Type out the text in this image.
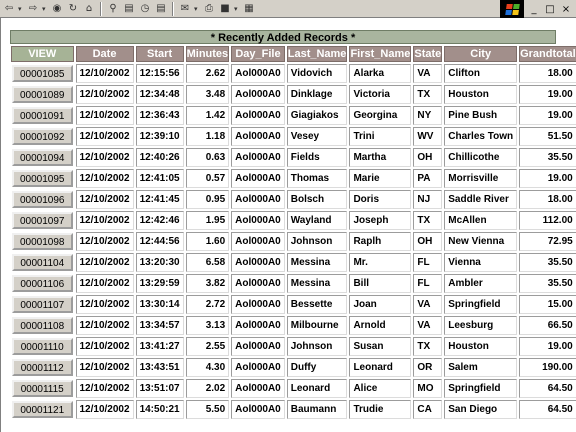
⇦ ▾ ⇨ ▾ ◉ ↻ ⌂	⚲ ▤ ◷ ▤ ✉ ▾ ⎙ ■ ▾ ▦	_ □ ×
* Recently Added Records *
VIEW	Date	Start	Minutes	Day_File	Last_Name	First_Name	State	City	Grandtotal

00001085	12/10/2002	12:15:56	2.62	Aol000A0	Vidovich	Alarka	VA	Clifton	18.00

00001089	12/10/2002	12:34:48	3.48	Aol000A0	Dinklage	Victoria	TX	Houston	19.00

00001091	12/10/2002	12:36:43	1.42	Aol000A0	Giagiakos	Georgina	NY	Pine Bush	19.00

00001092	12/10/2002	12:39:10	1.18	Aol000A0	Vesey	Trini	WV	Charles Town	51.50

00001094	12/10/2002	12:40:26	0.63	Aol000A0	Fields	Martha	OH	Chillicothe	35.50

00001095	12/10/2002	12:41:05	0.57	Aol000A0	Thomas	Marie	PA	Morrisville	19.00

00001096	12/10/2002	12:41:45	0.95	Aol000A0	Bolsch	Doris	NJ	Saddle River	18.00

00001097	12/10/2002	12:42:46	1.95	Aol000A0	Wayland	Joseph	TX	McAllen	112.00

00001098	12/10/2002	12:44:56	1.60	Aol000A0	Johnson	Raplh	OH	New Vienna	72.95

00001104	12/10/2002	13:20:30	6.58	Aol000A0	Messina	Mr.	FL	Vienna	35.50

00001106	12/10/2002	13:29:59	3.82	Aol000A0	Messina	Bill	FL	Ambler	35.50

00001107	12/10/2002	13:30:14	2.72	Aol000A0	Bessette	Joan	VA	Springfield	15.00

00001108	12/10/2002	13:34:57	3.13	Aol000A0	Milbourne	Arnold	VA	Leesburg	66.50

00001110	12/10/2002	13:41:27	2.55	Aol000A0	Johnson	Susan	TX	Houston	19.00

00001112	12/10/2002	13:43:51	4.30	Aol000A0	Duffy	Leonard	OR	Salem	190.00

00001115	12/10/2002	13:51:07	2.02	Aol000A0	Leonard	Alice	MO	Springfield	64.50

00001121	12/10/2002	14:50:21	5.50	Aol000A0	Baumann	Trudie	CA	San Diego	64.50
